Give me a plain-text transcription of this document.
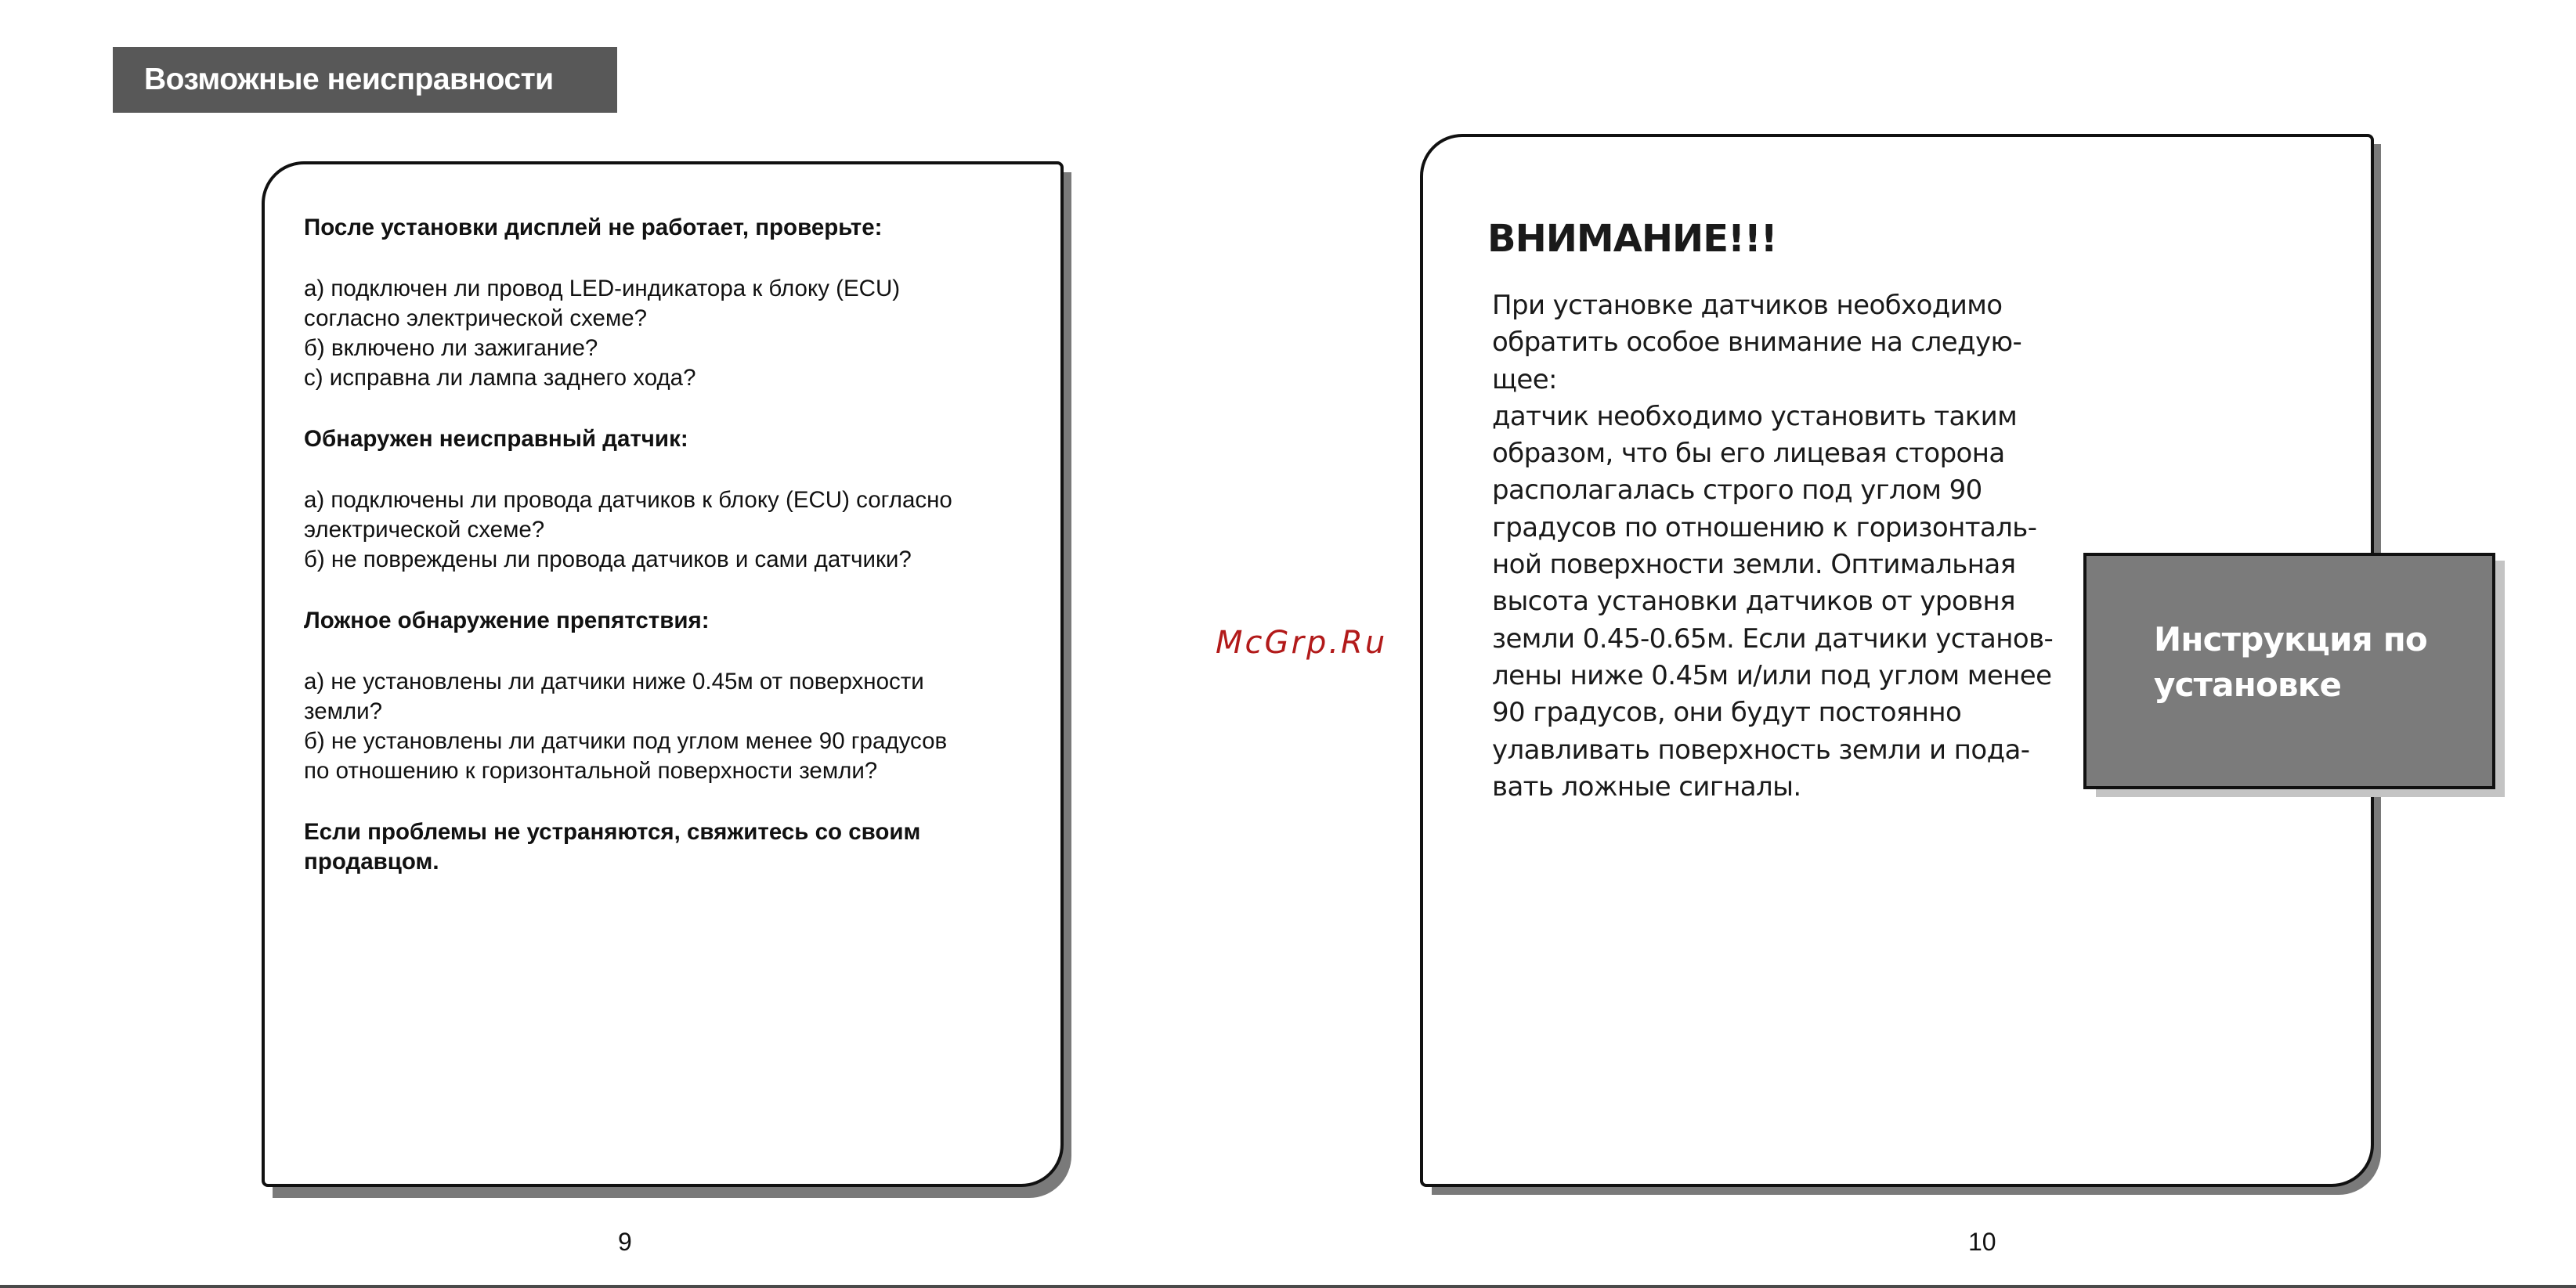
Возможные неисправности
После установки дисплей не работает, проверьте:
а) подключен ли провод LED-индикатора к блоку (ECU)
согласно электрической схеме?
б) включено ли зажигание?
с) исправна ли лампа заднего хода?
Обнаружен неисправный датчик:
а) подключены ли провода датчиков к блоку (ECU) согласно
электрической схеме?
б) не повреждены ли провода датчиков и сами датчики?
Ложное обнаружение препятствия:
а) не установлены ли датчики ниже 0.45м от поверхности
земли?
б) не установлены ли датчики под углом менее 90 градусов
по отношению к горизонтальной поверхности земли?
Если проблемы не устраняются, свяжитесь со своим
продавцом.
McGrp.Ru
ВНИМАНИЕ!!!
При установке датчиков необходимо
обратить особое внимание на следую-
щее:
датчик необходимо установить таким
образом, что бы его лицевая сторона
располагалась строго под углом 90
градусов по отношению к горизонталь-
ной поверхности земли. Оптимальная
высота установки датчиков от уровня
земли 0.45-0.65м. Если датчики установ-
лены ниже 0.45м и/или под углом менее
90 градусов, они будут постоянно
улавливать поверхность земли и пода-
вать ложные сигналы.
Инструкция по
установке
9	10
